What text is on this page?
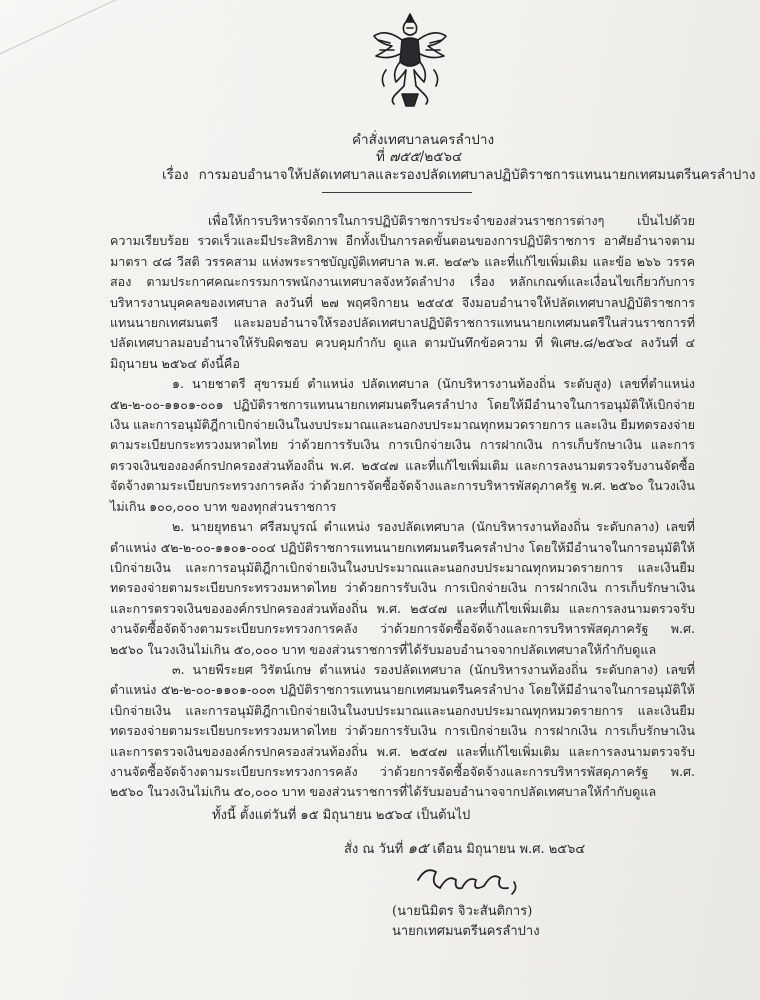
คำสั่งเทศบาลนครลำปาง
ที่ ๗๕๕/๒๕๖๔
เรื่อง การมอบอำนาจให้ปลัดเทศบาลและรองปลัดเทศบาลปฏิบัติราชการแทนนายกเทศมนตรีนครลำปาง

เพื่อให้การบริหารจัดการในการปฏิบัติราชการประจำของส่วนราชการต่างๆ เป็นไปด้วยความเรียบร้อย รวดเร็วและมีประสิทธิภาพ อีกทั้งเป็นการลดขั้นตอนของการปฏิบัติราชการ อาศัยอำนาจตามมาตรา ๔๘ วีสติ วรรคสาม แห่งพระราชบัญญัติเทศบาล พ.ศ. ๒๔๙๖ และที่แก้ไขเพิ่มเติม และข้อ ๒๖๖ วรรคสอง ตามประกาศคณะกรรมการพนักงานเทศบาลจังหวัดลำปาง เรื่อง หลักเกณฑ์และเงื่อนไขเกี่ยวกับการบริหารงานบุคคลของเทศบาล ลงวันที่ ๒๗ พฤศจิกายน ๒๕๔๕ จึงมอบอำนาจให้ปลัดเทศบาลปฏิบัติราชการแทนนายกเทศมนตรี และมอบอำนาจให้รองปลัดเทศบาลปฏิบัติราชการแทนนายกเทศมนตรีในส่วนราชการที่ปลัดเทศบาลมอบอำนาจให้รับผิดชอบ ควบคุมกำกับ ดูแล ตามบันทึกข้อความ ที่ พิเศษ.๘/๒๕๖๔ ลงวันที่ ๔ มิถุนายน ๒๕๖๔ ดังนี้คือ

๑. นายชาตรี สุขารมย์ ตำแหน่ง ปลัดเทศบาล (นักบริหารงานท้องถิ่น ระดับสูง) เลขที่ตำแหน่ง ๕๒-๒-๐๐-๑๑๐๑-๐๐๑ ปฏิบัติราชการแทนนายกเทศมนตรีนครลำปาง โดยให้มีอำนาจในการอนุมัติให้เบิกจ่ายเงิน และการอนุมัติฎีกาเบิกจ่ายเงินในงบประมาณและนอกงบประมาณทุกหมวดรายการ และเงิน ยืมทดรองจ่ายตามระเบียบกระทรวงมหาดไทย ว่าด้วยการรับเงิน การเบิกจ่ายเงิน การฝากเงิน การเก็บรักษาเงิน และการตรวจเงินขององค์กรปกครองส่วนท้องถิ่น พ.ศ. ๒๕๔๗ และที่แก้ไขเพิ่มเติม และการลงนามตรวจรับงานจัดซื้อจัดจ้างตามระเบียบกระทรวงการคลัง ว่าด้วยการจัดซื้อจัดจ้างและการบริหารพัสดุภาครัฐ พ.ศ. ๒๕๖๐ ในวงเงินไม่เกิน ๑๐๐,๐๐๐ บาท ของทุกส่วนราชการ

๒. นายยุทธนา ศรีสมบูรณ์ ตำแหน่ง รองปลัดเทศบาล (นักบริหารงานท้องถิ่น ระดับกลาง) เลขที่ตำแหน่ง ๕๒-๒-๐๐-๑๑๐๑-๐๐๔ ปฏิบัติราชการแทนนายกเทศมนตรีนครลำปาง โดยให้มีอำนาจในการอนุมัติให้เบิกจ่ายเงิน และการอนุมัติฎีกาเบิกจ่ายเงินในงบประมาณและนอกงบประมาณทุกหมวดรายการ และเงินยืมทดรองจ่ายตามระเบียบกระทรวงมหาดไทย ว่าด้วยการรับเงิน การเบิกจ่ายเงิน การฝากเงิน การเก็บรักษาเงิน และการตรวจเงินขององค์กรปกครองส่วนท้องถิ่น พ.ศ. ๒๕๔๗ และที่แก้ไขเพิ่มเติม และการลงนามตรวจรับงานจัดซื้อจัดจ้างตามระเบียบกระทรวงการคลัง ว่าด้วยการจัดซื้อจัดจ้างและการบริหารพัสดุภาครัฐ พ.ศ. ๒๕๖๐ ในวงเงินไม่เกิน ๕๐,๐๐๐ บาท ของส่วนราชการที่ได้รับมอบอำนาจจากปลัดเทศบาลให้กำกับดูแล

๓. นายพีระยศ วิรัตน์เกษ ตำแหน่ง รองปลัดเทศบาล (นักบริหารงานท้องถิ่น ระดับกลาง) เลขที่ตำแหน่ง ๕๒-๒-๐๐-๑๑๐๑-๐๐๓ ปฏิบัติราชการแทนนายกเทศมนตรีนครลำปาง โดยให้มีอำนาจในการอนุมัติให้เบิกจ่ายเงิน และการอนุมัติฎีกาเบิกจ่ายเงินในงบประมาณและนอกงบประมาณทุกหมวดรายการ และเงินยืมทดรองจ่ายตามระเบียบกระทรวงมหาดไทย ว่าด้วยการรับเงิน การเบิกจ่ายเงิน การฝากเงิน การเก็บรักษาเงิน และการตรวจเงินขององค์กรปกครองส่วนท้องถิ่น พ.ศ. ๒๕๔๗ และที่แก้ไขเพิ่มเติม และการลงนามตรวจรับงานจัดซื้อจัดจ้างตามระเบียบกระทรวงการคลัง ว่าด้วยการจัดซื้อจัดจ้างและการบริหารพัสดุภาครัฐ พ.ศ. ๒๕๖๐ ในวงเงินไม่เกิน ๕๐,๐๐๐ บาท ของส่วนราชการที่ได้รับมอบอำนาจจากปลัดเทศบาลให้กำกับดูแล

ทั้งนี้ ตั้งแต่วันที่ ๑๕ มิถุนายน ๒๕๖๔ เป็นต้นไป
สั่ง ณ วันที่ ๑๕ เดือน มิถุนายน พ.ศ. ๒๕๖๔
(นายนิมิตร จิวะสันติการ)
นายกเทศมนตรีนครลำปาง
